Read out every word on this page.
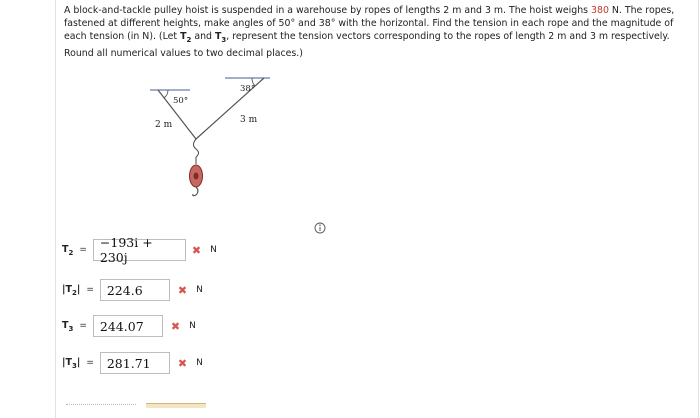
A block-and-tackle pulley hoist is suspended in a warehouse by ropes of lengths 2 m and 3 m. The hoist weighs 380 N. The ropes, fastened at different heights, make angles of 50° and 38° with the horizontal. Find the tension in each rope and the magnitude of each tension (in N). (Let $T_2$ and $T_3$, represent the tension vectors corresponding to the ropes of length 2 m and 3 m respectively. Round all numerical values to two decimal places.)
50°
38°
2 m	3 m
$T_2$ =	−193i + 230j	✖ N
$|T_2|$ =	224.6	✖ N
$T_3$ =	244.07	✖ N
$|T_3|$ =	281.71	✖ N
